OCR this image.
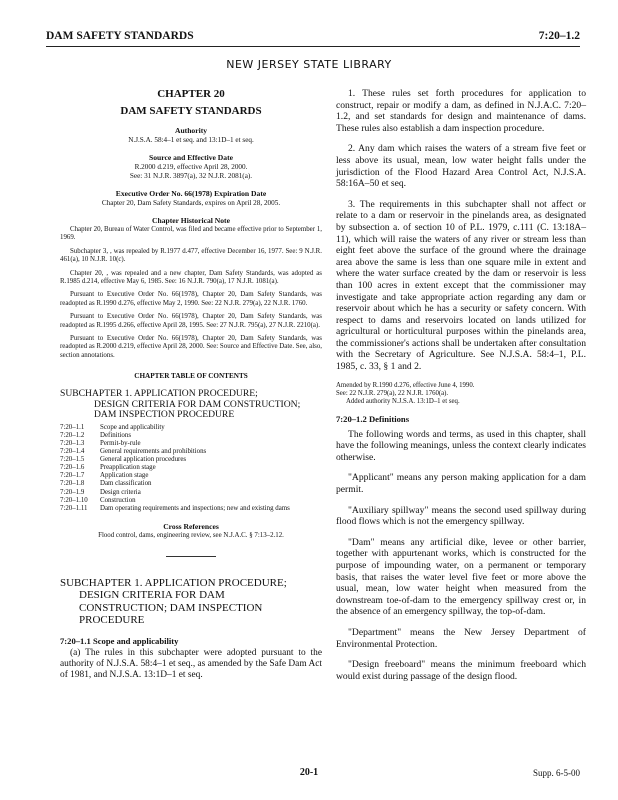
DAM SAFETY STANDARDS	7:20–1.2
NEW JERSEY STATE LIBRARY
CHAPTER 20
DAM SAFETY STANDARDS
Authority
N.J.S.A. 58:4–1 et seq. and 13:1D–1 et seq.
Source and Effective Date
R.2000 d.219, effective April 28, 2000.
See: 31 N.J.R. 3897(a), 32 N.J.R. 2081(a).
Executive Order No. 66(1978) Expiration Date
Chapter 20, Dam Safety Standards, expires on April 28, 2005.
Chapter Historical Note

Chapter 20, Bureau of Water Control, was filed and became effective prior to September 1, 1969.

Subchapter 3, , was repealed by R.1977 d.477, effective December 16, 1977. See: 9 N.J.R. 461(a), 10 N.J.R. 10(c).

Chapter 20, , was repealed and a new chapter, Dam Safety Standards, was adopted as R.1985 d.214, effective May 6, 1985. See: 16 N.J.R. 790(a), 17 N.J.R. 1081(a).

Pursuant to Executive Order No. 66(1978), Chapter 20, Dam Safety Standards, was readopted as R.1990 d.276, effective May 2, 1990. See: 22 N.J.R. 279(a), 22 N.J.R. 1760.

Pursuant to Executive Order No. 66(1978), Chapter 20, Dam Safety Standards, was readopted as R.1995 d.266, effective April 28, 1995. See: 27 N.J.R. 795(a), 27 N.J.R. 2210(a).

Pursuant to Executive Order No. 66(1978), Chapter 20, Dam Safety Standards, was readopted as R.2000 d.219, effective April 28, 2000. See: Source and Effective Date. See, also, section annotations.

CHAPTER TABLE OF CONTENTS
SUBCHAPTER 1. APPLICATION PROCEDURE;
DESIGN CRITERIA FOR DAM CONSTRUCTION;
DAM INSPECTION PROCEDURE
7:20–1.1	Scope and applicability
7:20–1.2	Definitions
7:20–1.3	Permit-by-rule
7:20–1.4	General requirements and prohibitions
7:20–1.5	General application procedures
7:20–1.6	Preapplication stage
7:20–1.7	Application stage
7:20–1.8	Dam classification
7:20–1.9	Design criteria
7:20–1.10	Construction
7:20–1.11	Dam operating requirements and inspections; new and existing dams
Cross References
Flood control, dams, engineering review, see N.J.A.C. § 7:13–2.12.
SUBCHAPTER 1. APPLICATION PROCEDURE;
DESIGN CRITERIA FOR DAM
CONSTRUCTION; DAM INSPECTION
PROCEDURE
7:20–1.1 Scope and applicability

(a) The rules in this subchapter were adopted pursuant to the authority of N.J.S.A. 58:4–1 et seq., as amended by the Safe Dam Act of 1981, and N.J.S.A. 13:1D–1 et seq.

1. These rules set forth procedures for application to construct, repair or modify a dam, as defined in N.J.A.C. 7:20–1.2, and set standards for design and maintenance of dams. These rules also establish a dam inspection procedure.

2. Any dam which raises the waters of a stream five feet or less above its usual, mean, low water height falls under the jurisdiction of the Flood Hazard Area Control Act, N.J.S.A. 58:16A–50 et seq.

3. The requirements in this subchapter shall not affect or relate to a dam or reservoir in the pinelands area, as designated by subsection a. of section 10 of P.L. 1979, c.111 (C. 13:18A–11), which will raise the waters of any river or stream less than eight feet above the surface of the ground where the drainage area above the same is less than one square mile in extent and where the water surface created by the dam or reservoir is less than 100 acres in extent except that the commissioner may investigate and take appropriate action regarding any dam or reservoir about which he has a security or safety concern. With respect to dams and reservoirs located on lands utilized for agricultural or horticultural purposes within the pinelands area, the commissioner's actions shall be undertaken after consultation with the Secretary of Agriculture. See N.J.S.A. 58:4–1, P.L. 1985, c. 33, § 1 and 2.

Amended by R.1990 d.276, effective June 4, 1990.
See: 22 N.J.R. 279(a), 22 N.J.R. 1760(a).
Added authority N.J.S.A. 13:1D–1 et seq.
7:20–1.2 Definitions

The following words and terms, as used in this chapter, shall have the following meanings, unless the context clearly indicates otherwise.

"Applicant" means any person making application for a dam permit.

"Auxiliary spillway" means the second used spillway during flood flows which is not the emergency spillway.

"Dam" means any artificial dike, levee or other barrier, together with appurtenant works, which is constructed for the purpose of impounding water, on a permanent or temporary basis, that raises the water level five feet or more above the usual, mean, low water height when measured from the downstream toe-of-dam to the emergency spillway crest or, in the absence of an emergency spillway, the top-of-dam.

"Department" means the New Jersey Department of Environmental Protection.

"Design freeboard" means the minimum freeboard which would exist during passage of the design flood.

20-1	Supp. 6-5-00
